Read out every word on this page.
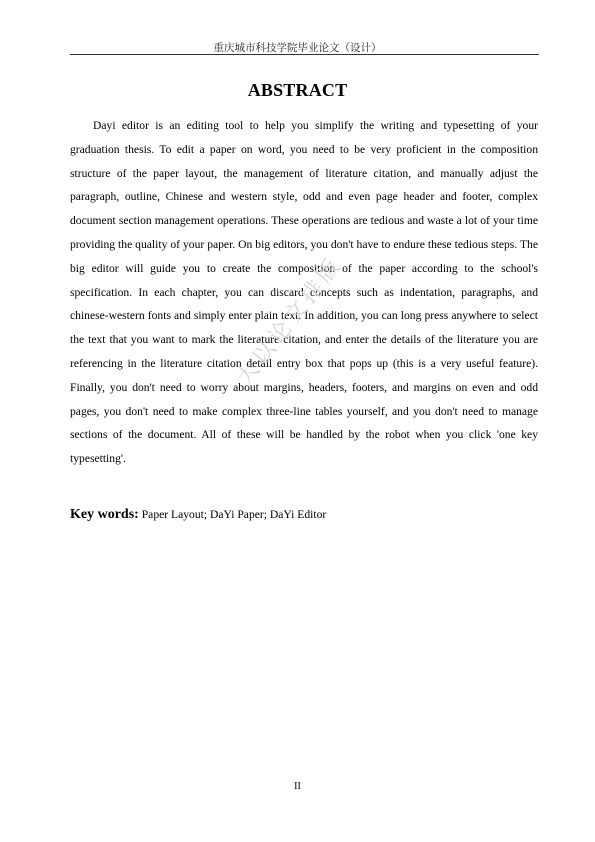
重庆城市科技学院毕业论文（设计）
ABSTRACT

Dayi editor is an editing tool to help you simplify the writing and typesetting of your graduation thesis. To edit a paper on word, you need to be very proficient in the composition structure of the paper layout, the management of literature citation, and manually adjust the paragraph, outline, Chinese and western style, odd and even page header and footer, complex document section management operations. These operations are tedious and waste a lot of your time providing the quality of your paper. On big editors, you don't have to endure these tedious steps. The big editor will guide you to create the composition of the paper according to the school's specification. In each chapter, you can discard concepts such as indentation, paragraphs, and chinese-western fonts and simply enter plain text. In addition, you can long press anywhere to select the text that you want to mark the literature citation, and enter the details of the literature you are referencing in the literature citation detail entry box that pops up (this is a very useful feature). Finally, you don't need to worry about margins, headers, footers, and margins on even and odd pages, you don't need to make complex three-line tables yourself, and you don't need to manage sections of the document. All of these will be handled by the robot when you click 'one key typesetting'.

大以论文排版
Key words: Paper Layout; DaYi Paper; DaYi Editor
II
